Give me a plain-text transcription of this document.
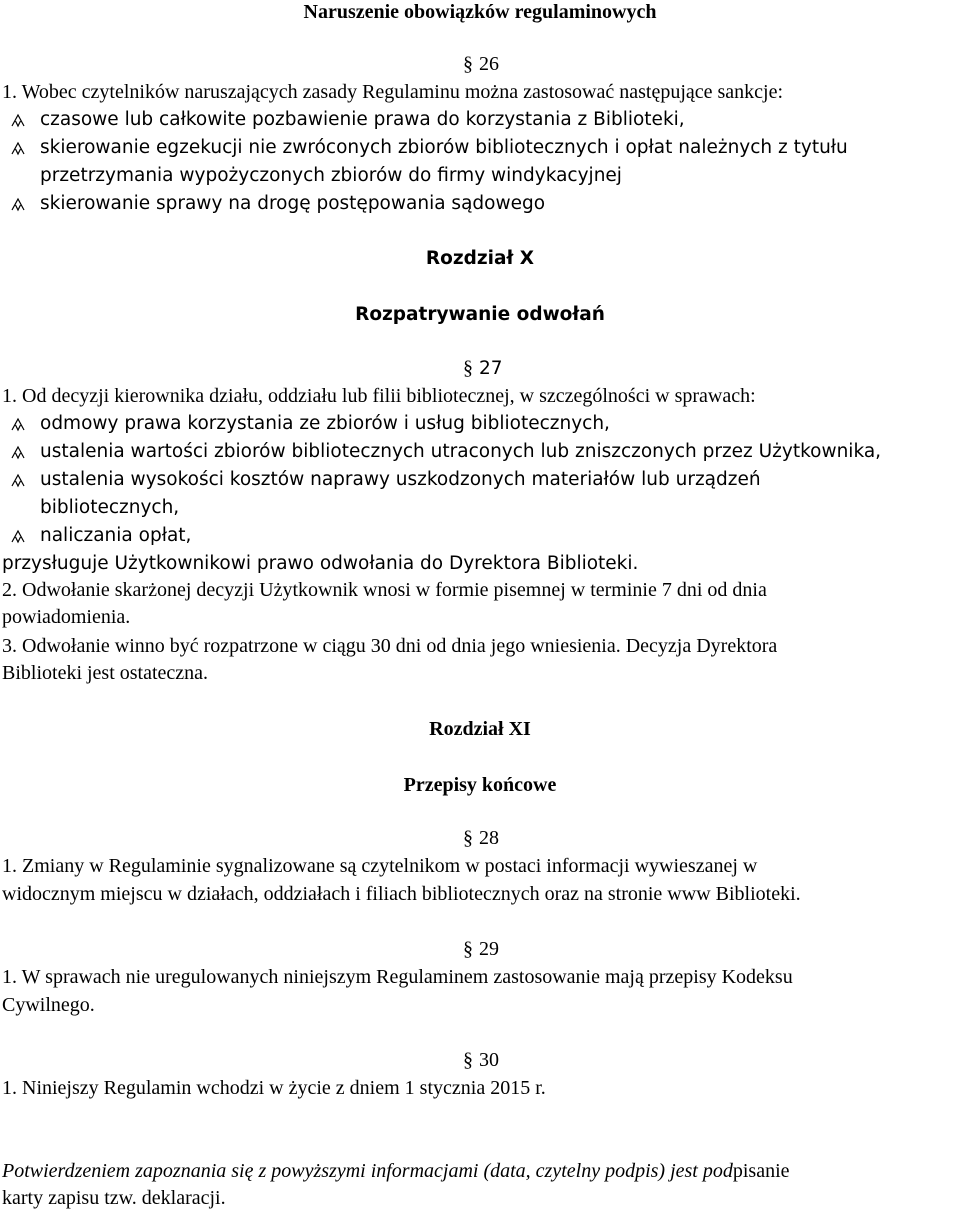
Naruszenie obowiązków regulaminowych
§ 26
1. Wobec czytelników naruszających zasady Regulaminu można zastosować następujące sankcje:
czasowe lub całkowite pozbawienie prawa do korzystania z Biblioteki,
skierowanie egzekucji nie zwróconych zbiorów bibliotecznych i opłat należnych z tytułu
przetrzymania wypożyczonych zbiorów do firmy windykacyjnej
skierowanie sprawy na drogę postępowania sądowego
Rozdział X
Rozpatrywanie odwołań
§ 27
1. Od decyzji kierownika działu, oddziału lub filii bibliotecznej, w szczególności w sprawach:
odmowy prawa korzystania ze zbiorów i usług bibliotecznych,
ustalenia wartości zbiorów bibliotecznych utraconych lub zniszczonych przez Użytkownika,
ustalenia wysokości kosztów naprawy uszkodzonych materiałów lub urządzeń
bibliotecznych,
naliczania opłat,
przysługuje Użytkownikowi prawo odwołania do Dyrektora Biblioteki.
2. Odwołanie skarżonej decyzji Użytkownik wnosi w formie pisemnej w terminie 7 dni od dnia
powiadomienia.
3. Odwołanie winno być rozpatrzone w ciągu 30 dni od dnia jego wniesienia. Decyzja Dyrektora
Biblioteki jest ostateczna.
Rozdział XI
Przepisy końcowe
§ 28
1. Zmiany w Regulaminie sygnalizowane są czytelnikom w postaci informacji wywieszanej w
widocznym miejscu w działach, oddziałach i filiach bibliotecznych oraz na stronie www Biblioteki.
§ 29
1. W sprawach nie uregulowanych niniejszym Regulaminem zastosowanie mają przepisy Kodeksu
Cywilnego.
§ 30
1. Niniejszy Regulamin wchodzi w życie z dniem 1 stycznia 2015 r.
Potwierdzeniem zapoznania się z powyższymi informacjami (data, czytelny podpis) jest podpisanie
karty zapisu tzw. deklaracji.
